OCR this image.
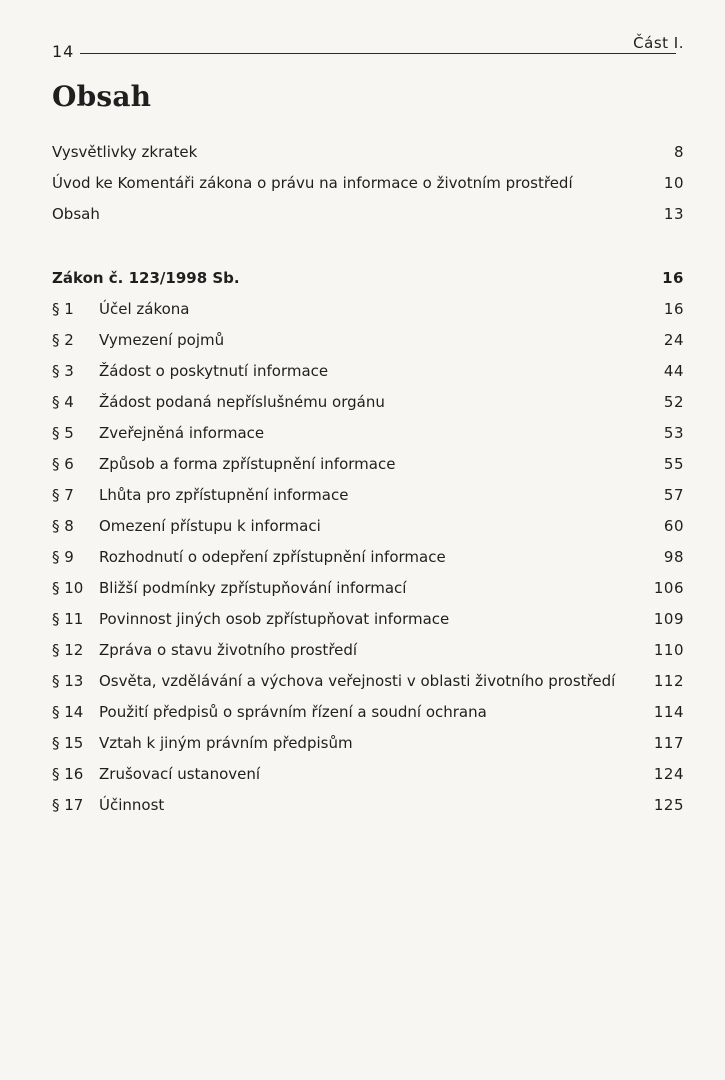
14	Část I.
Obsah
Vysvětlivky zkratek	8
Úvod ke Komentáři zákona o právu na informace o životním prostředí	10
Obsah	13
Zákon č. 123/1998 Sb.	16
§ 1 Účel zákona	16
§ 2 Vymezení pojmů	24
§ 3 Žádost o poskytnutí informace	44
§ 4 Žádost podaná nepříslušnému orgánu	52
§ 5 Zveřejněná informace	53
§ 6 Způsob a forma zpřístupnění informace	55
§ 7 Lhůta pro zpřístupnění informace	57
§ 8 Omezení přístupu k informaci	60
§ 9 Rozhodnutí o odepření zpřístupnění informace	98
§ 10 Bližší podmínky zpřístupňování informací	106
§ 11 Povinnost jiných osob zpřístupňovat informace	109
§ 12 Zpráva o stavu životního prostředí	110
§ 13 Osvěta, vzdělávání a výchova veřejnosti v oblasti životního prostředí	112
§ 14 Použití předpisů o správním řízení a soudní ochrana	114
§ 15 Vztah k jiným právním předpisům	117
§ 16 Zrušovací ustanovení	124
§ 17 Účinnost	125
